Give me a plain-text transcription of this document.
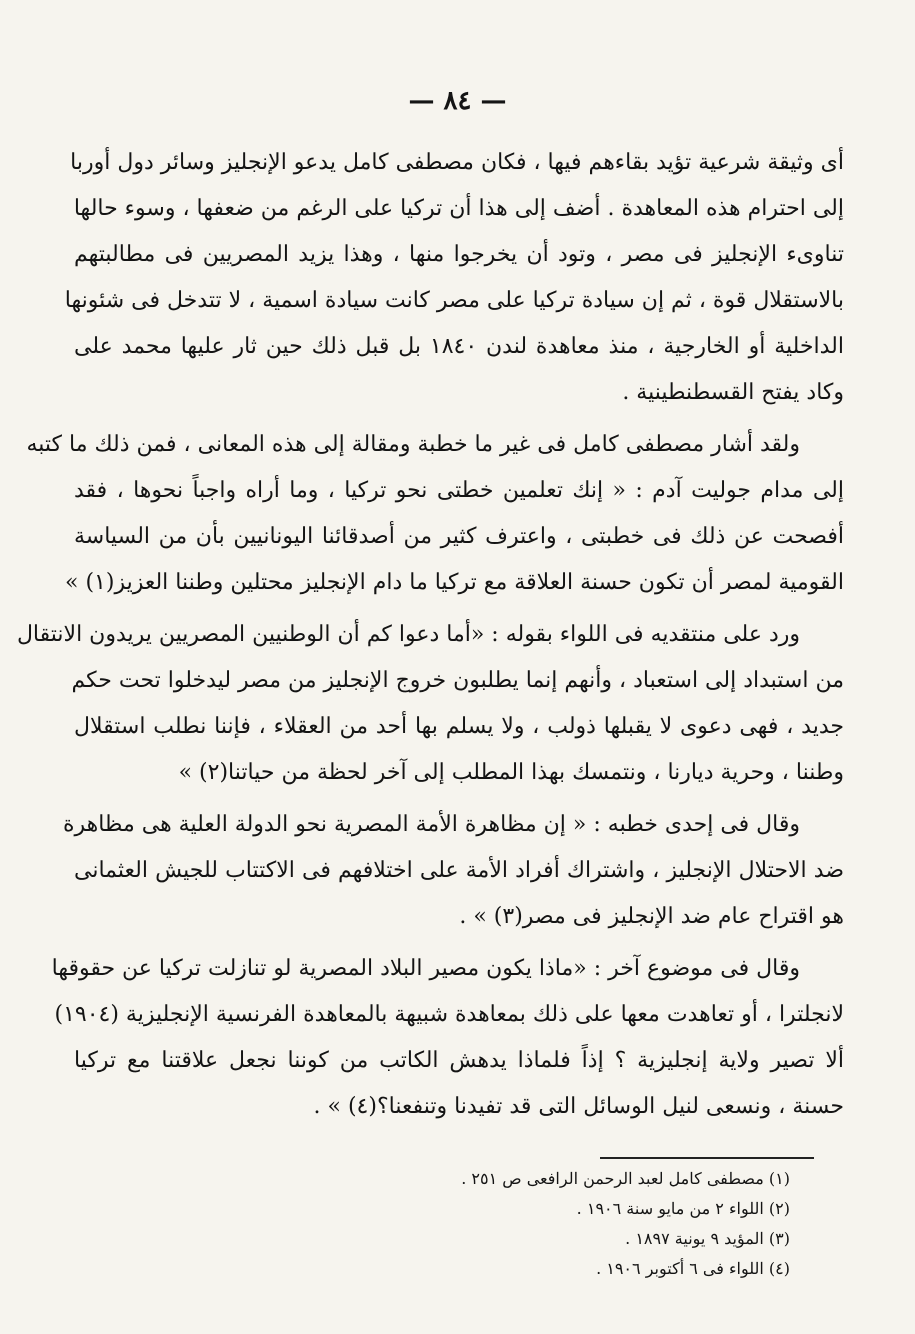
— ٨٤ —
أى وثيقة شرعية تؤيد بقاءهم فيها ، فكان مصطفى كامل يدعو الإنجليز وسائر دول أوربا
إلى احترام هذه المعاهدة . أضف إلى هذا أن تركيا على الرغم من ضعفها ، وسوء حالها
تناوىء الإنجليز فى مصر ، وتود أن يخرجوا منها ، وهذا يزيد المصريين فى مطالبتهم
بالاستقلال قوة ، ثم إن سيادة تركيا على مصر كانت سيادة اسمية ، لا تتدخل فى شئونها
الداخلية أو الخارجية ، منذ معاهدة لندن ١٨٤٠ بل قبل ذلك حين ثار عليها محمد على
وكاد يفتح القسطنطينية .
ولقد أشار مصطفى كامل فى غير ما خطبة ومقالة إلى هذه المعانى ، فمن ذلك ما كتبه
إلى مدام جوليت آدم : « إنك تعلمين خطتى نحو تركيا ، وما أراه واجباً نحوها ، فقد
أفصحت عن ذلك فى خطبتى ، واعترف كثير من أصدقائنا اليونانيين بأن من السياسة
القومية لمصر أن تكون حسنة العلاقة مع تركيا ما دام الإنجليز محتلين وطننا العزيز(١) »
ورد على منتقديه فى اللواء بقوله : «أما دعوا كم أن الوطنيين المصريين يريدون الانتقال
من استبداد إلى استعباد ، وأنهم إنما يطلبون خروج الإنجليز من مصر ليدخلوا تحت حكم
جديد ، فهى دعوى لا يقبلها ذولب ، ولا يسلم بها أحد من العقلاء ، فإننا نطلب استقلال
وطننا ، وحرية ديارنا ، ونتمسك بهذا المطلب إلى آخر لحظة من حياتنا(٢) »
وقال فى إحدى خطبه : « إن مظاهرة الأمة المصرية نحو الدولة العلية هى مظاهرة
ضد الاحتلال الإنجليز ، واشتراك أفراد الأمة على اختلافهم فى الاكتتاب للجيش العثمانى
هو اقتراح عام ضد الإنجليز فى مصر(٣) » .
وقال فى موضوع آخر : «ماذا يكون مصير البلاد المصرية لو تنازلت تركيا عن حقوقها
لانجلترا ، أو تعاهدت معها على ذلك بمعاهدة شبيهة بالمعاهدة الفرنسية الإنجليزية (١٩٠٤)
ألا تصير ولاية إنجليزية ؟ إذاً فلماذا يدهش الكاتب من كوننا نجعل علاقتنا مع تركيا
حسنة ، ونسعى لنيل الوسائل التى قد تفيدنا وتنفعنا؟(٤) » .
(١) مصطفى كامل لعبد الرحمن الرافعى ص ٢٥١ .
(٢) اللواء ٢ من مايو سنة ١٩٠٦ .
(٣) المؤيد ٩ يونية ١٨٩٧ .
(٤) اللواء فى ٦ أكتوبر ١٩٠٦ .
